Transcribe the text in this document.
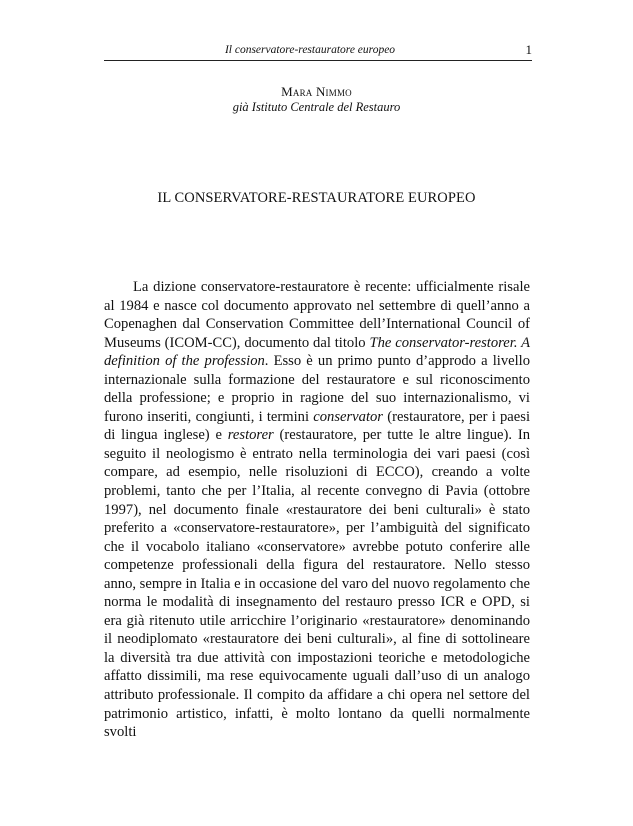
Il conservatore-restauratore europeo	1
Mara Nimmo
già Istituto Centrale del Restauro
IL CONSERVATORE-RESTAURATORE EUROPEO

La dizione conservatore-restauratore è recente: ufficialmente risale al 1984 e nasce col documento approvato nel settembre di quell’anno a Copenaghen dal Conservation Committee dell’International Council of Museums (ICOM-CC), documento dal titolo The conservator-restorer. A definition of the profession. Esso è un primo punto d’approdo a livello internazionale sulla formazione del restauratore e sul riconoscimento della professione; e proprio in ragione del suo internazionalismo, vi furono inseriti, congiunti, i termini conservator (restauratore, per i paesi di lingua inglese) e restorer (restauratore, per tutte le altre lingue). In seguito il neologismo è entrato nella terminologia dei vari paesi (così compare, ad esempio, nelle risoluzioni di ECCO), creando a volte problemi, tanto che per l’Italia, al recente convegno di Pavia (ottobre 1997), nel documento finale «restauratore dei beni culturali» è stato preferito a «conservatore-restauratore», per l’ambiguità del significato che il vocabolo italiano «conservatore» avrebbe potuto conferire alle competenze professionali della figura del restauratore. Nello stesso anno, sempre in Italia e in occasione del varo del nuovo regolamento che norma le modalità di insegnamento del restauro presso ICR e OPD, si era già ritenuto utile arricchire l’originario «restauratore» denominando il neodiplomato «restauratore dei beni culturali», al fine di sottolineare la diversità tra due attività con impostazioni teoriche e metodologiche affatto dissimili, ma rese equivocamente uguali dall’uso di un analogo attributo professionale. Il compito da affidare a chi opera nel settore del patrimonio artistico, infatti, è molto lontano da quelli normalmente svolti
